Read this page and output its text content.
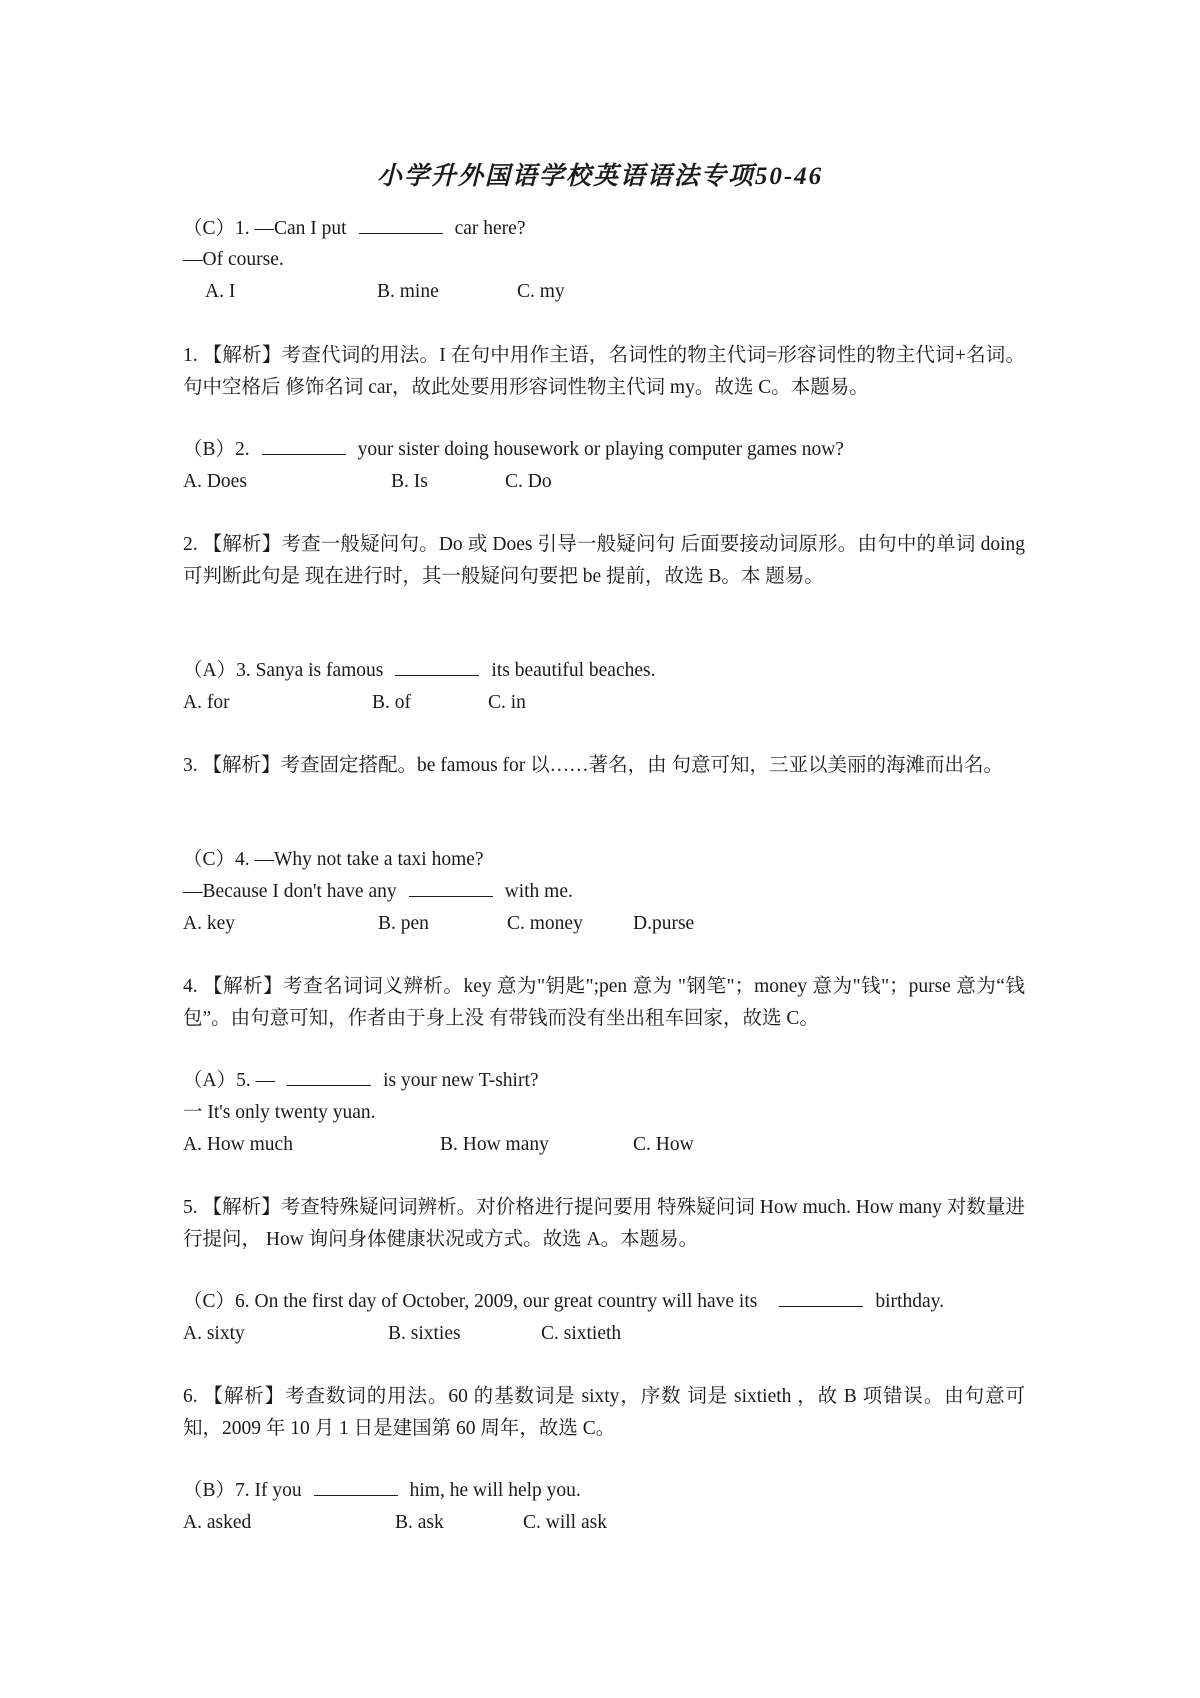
小学升外国语学校英语语法专项50-46
（C）1. —Can I put	car here?
—Of course.
A. I	B. mine	C. my
1. 【解析】考查代词的用法。I 在句中用作主语，名词性的物主代词=形容词性的物主代词+名词。句中空格后 修饰名词 car，故此处要用形容词性物主代词 my。故选 C。本题易。
（B）2.	your sister doing housework or playing computer games now?
A. Does	B. Is	C. Do
2. 【解析】考查一般疑问句。Do 或 Does 引导一般疑问句 后面要接动词原形。由句中的单词 doing 可判断此句是 现在进行时，其一般疑问句要把 be 提前，故选 B。本 题易。
（A）3. Sanya is famous	its beautiful beaches.
A. for	B. of	C. in
3. 【解析】考查固定搭配。be famous for 以……著名，由 句意可知，三亚以美丽的海滩而出名。
（C）4. —Why not take a taxi home?
—Because I don't have any	with me.
A. key	B. pen	C. money	D.purse
4. 【解析】考查名词词义辨析。key 意为"钥匙";pen 意为 "钢笔"；money 意为"钱"；purse 意为“钱包”。由句意可知，作者由于身上没 有带钱而没有坐出租车回家，故选 C。
（A）5. —	is your new T-shirt?
一 It's only twenty yuan.
A. How much	B. How many	C. How
5. 【解析】考查特殊疑问词辨析。对价格进行提问要用 特殊疑问词 How much. How many 对数量进行提问， How 询问身体健康状况或方式。故选 A。本题易。
（C）6. On the first day of October, 2009, our great country will have its	birthday.
A. sixty	B. sixties	C. sixtieth
6. 【解析】考查数词的用法。60 的基数词是 sixty，序数 词是 sixtieth ，故 B 项错误。由句意可知，2009 年 10 月 1 日是建国第 60 周年，故选 C。
（B）7. If you	him, he will help you.
A. asked	B. ask	C. will ask
